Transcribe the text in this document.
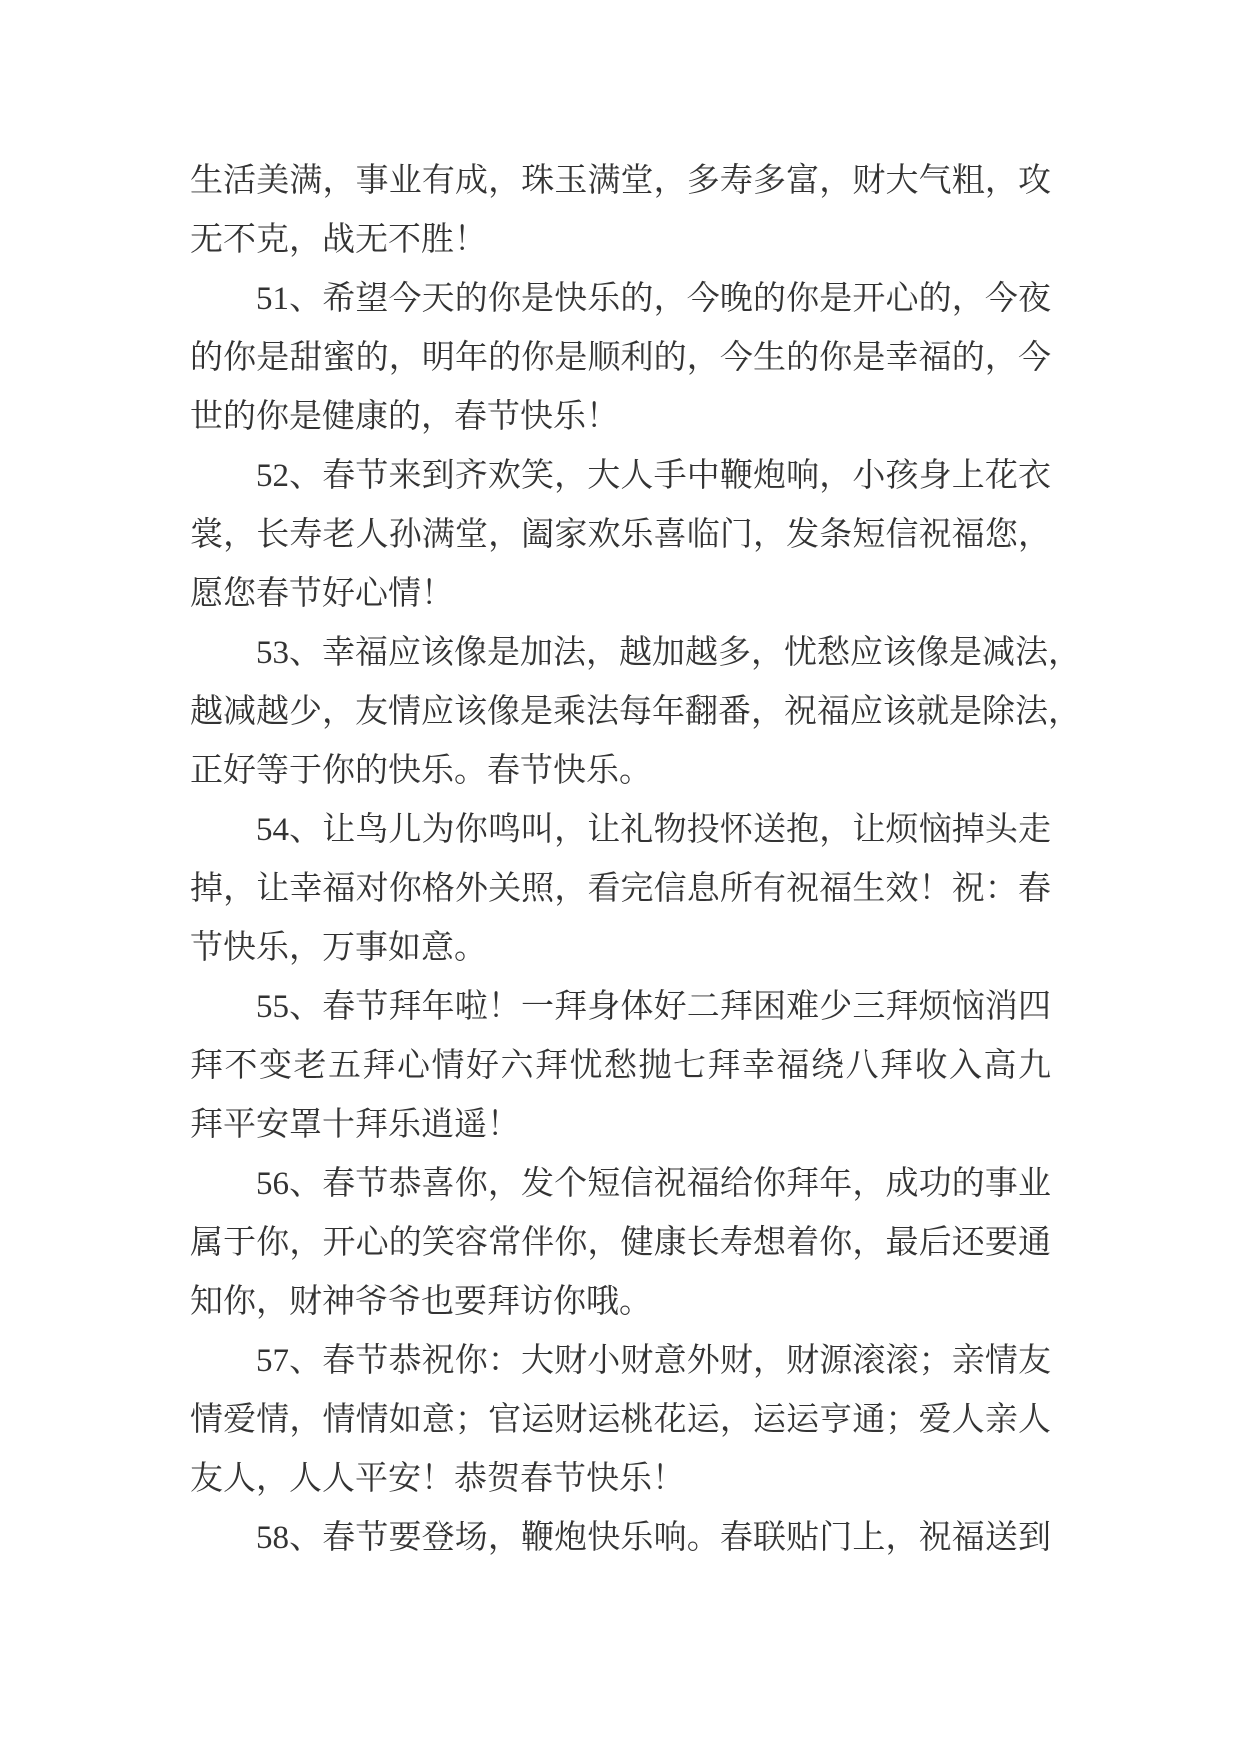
生活美满，事业有成，珠玉满堂，多寿多富，财大气粗，攻
无不克，战无不胜！

51、希望今天的你是快乐的，今晚的你是开心的，今夜
的你是甜蜜的，明年的你是顺利的，今生的你是幸福的，今
世的你是健康的，春节快乐！

52、春节来到齐欢笑，大人手中鞭炮响，小孩身上花衣
裳，长寿老人孙满堂，阖家欢乐喜临门，发条短信祝福您，
愿您春节好心情！

53、幸福应该像是加法，越加越多，忧愁应该像是减法，
越减越少，友情应该像是乘法每年翻番，祝福应该就是除法，
正好等于你的快乐。春节快乐。

54、让鸟儿为你鸣叫，让礼物投怀送抱，让烦恼掉头走
掉，让幸福对你格外关照，看完信息所有祝福生效！祝：春
节快乐，万事如意。

55、春节拜年啦！一拜身体好二拜困难少三拜烦恼消四
拜不变老五拜心情好六拜忧愁抛七拜幸福绕八拜收入高九
拜平安罩十拜乐逍遥！

56、春节恭喜你，发个短信祝福给你拜年，成功的事业
属于你，开心的笑容常伴你，健康长寿想着你，最后还要通
知你，财神爷爷也要拜访你哦。

57、春节恭祝你：大财小财意外财，财源滚滚；亲情友
情爱情，情情如意；官运财运桃花运，运运亨通；爱人亲人
友人，人人平安！恭贺春节快乐！

58、春节要登场，鞭炮快乐响。春联贴门上，祝福送到
